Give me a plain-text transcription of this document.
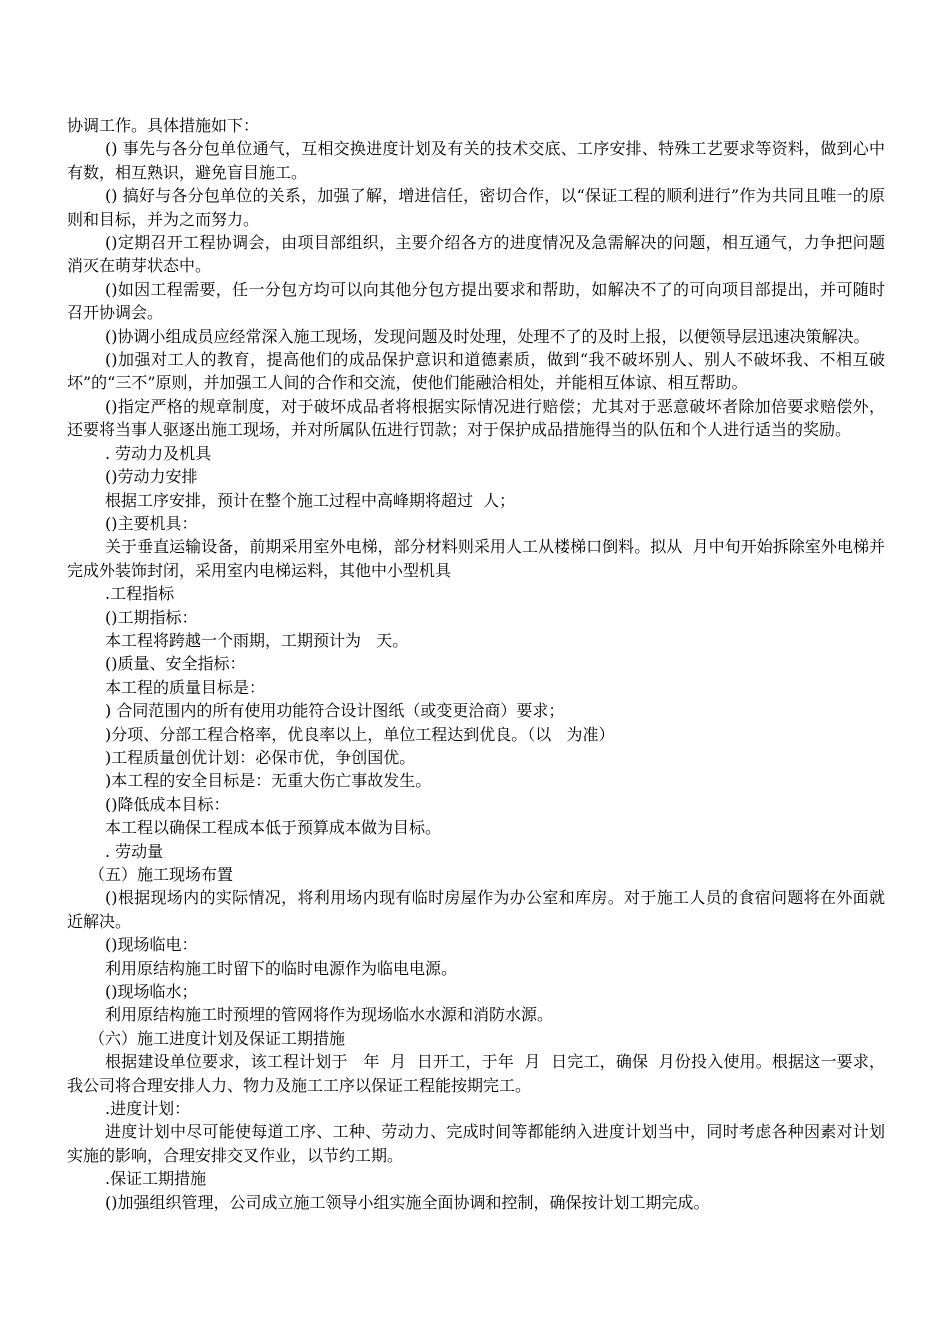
协调工作。具体措施如下：

() 事先与各分包单位通气，互相交换进度计划及有关的技术交底、工序安排、特殊工艺要求等资料，做到心中有数，相互熟识，避免盲目施工。

() 搞好与各分包单位的关系，加强了解，增进信任，密切合作，以“保证工程的顺利进行”作为共同且唯一的原则和目标，并为之而努力。

()定期召开工程协调会，由项目部组织，主要介绍各方的进度情况及急需解决的问题，相互通气，力争把问题消灭在萌芽状态中。

()如因工程需要，任一分包方均可以向其他分包方提出要求和帮助，如解决不了的可向项目部提出，并可随时召开协调会。

()协调小组成员应经常深入施工现场，发现问题及时处理，处理不了的及时上报，以便领导层迅速决策解决。

()加强对工人的教育，提高他们的成品保护意识和道德素质，做到“我不破坏别人、别人不破坏我、不相互破坏”的“三不”原则，并加强工人间的合作和交流，使他们能融洽相处，并能相互体谅、相互帮助。

()指定严格的规章制度，对于破坏成品者将根据实际情况进行赔偿；尤其对于恶意破坏者除加倍要求赔偿外，还要将当事人驱逐出施工现场，并对所属队伍进行罚款；对于保护成品措施得当的队伍和个人进行适当的奖励。

. 劳动力及机具

()劳动力安排

根据工序安排，预计在整个施工过程中高峰期将超过  人；

()主要机具：

关于垂直运输设备，前期采用室外电梯，部分材料则采用人工从楼梯口倒料。拟从  月中旬开始拆除室外电梯并完成外装饰封闭，采用室内电梯运料，其他中小型机具

.工程指标

()工期指标：

本工程将跨越一个雨期，工期预计为   天。

()质量、安全指标：

本工程的质量目标是：

) 合同范围内的所有使用功能符合设计图纸（或变更洽商）要求；

)分项、分部工程合格率，优良率以上，单位工程达到优良。（以   为准）

)工程质量创优计划：必保市优，争创国优。

)本工程的安全目标是：无重大伤亡事故发生。

()降低成本目标：

本工程以确保工程成本低于预算成本做为目标。

. 劳动量

（五）施工现场布置

()根据现场内的实际情况，将利用场内现有临时房屋作为办公室和库房。对于施工人员的食宿问题将在外面就近解决。

()现场临电：

利用原结构施工时留下的临时电源作为临电电源。

()现场临水；

利用原结构施工时预埋的管网将作为现场临水水源和消防水源。

（六）施工进度计划及保证工期措施

根据建设单位要求，该工程计划于   年  月  日开工，于年  月  日完工，确保  月份投入使用。根据这一要求，我公司将合理安排人力、物力及施工工序以保证工程能按期完工。

.进度计划：

进度计划中尽可能使每道工序、工种、劳动力、完成时间等都能纳入进度计划当中，同时考虑各种因素对计划实施的影响，合理安排交叉作业，以节约工期。

.保证工期措施

()加强组织管理，公司成立施工领导小组实施全面协调和控制，确保按计划工期完成。
